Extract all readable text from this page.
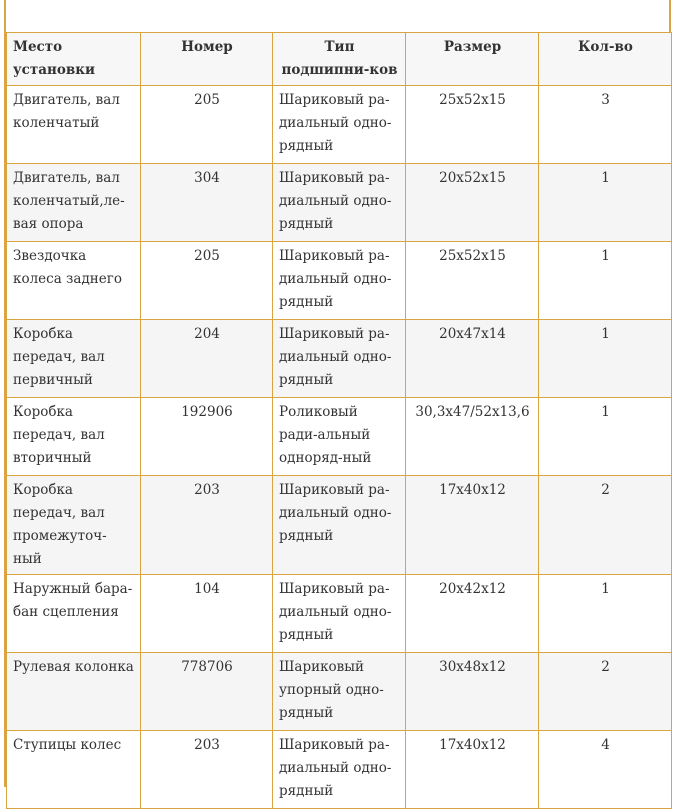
Место установки	Номер	Тип подшипни-ков	Размер	Кол-во
Двигатель, вал коленчатый	205	Шариковый ра-диальный одно-рядный	25x52x15	3
Двигатель, вал коленчатый,ле-вая опора	304	Шариковый ра-диальный одно-рядный	20x52x15	1
Звездочка колеса заднего	205	Шариковый ра-диальный одно-рядный	25x52x15	1
Коробка передач, вал первичный	204	Шариковый ра-диальный одно-рядный	20x47x14	1
Коробка передач, вал вторичный	192906	Роликовый ради-альный одноряд-ный	30,3x47/52x13,6	1
Коробка передач, вал промежуточ-ный	203	Шариковый ра-диальный одно-рядный	17x40x12	2
Наружный бара-бан сцепления	104	Шариковый ра-диальный одно-рядный	20x42x12	1
Рулевая колонка	778706	Шариковый упорный одно-рядный	30x48x12	2
Ступицы колес	203	Шариковый ра-диальный одно-рядный	17x40x12	4
